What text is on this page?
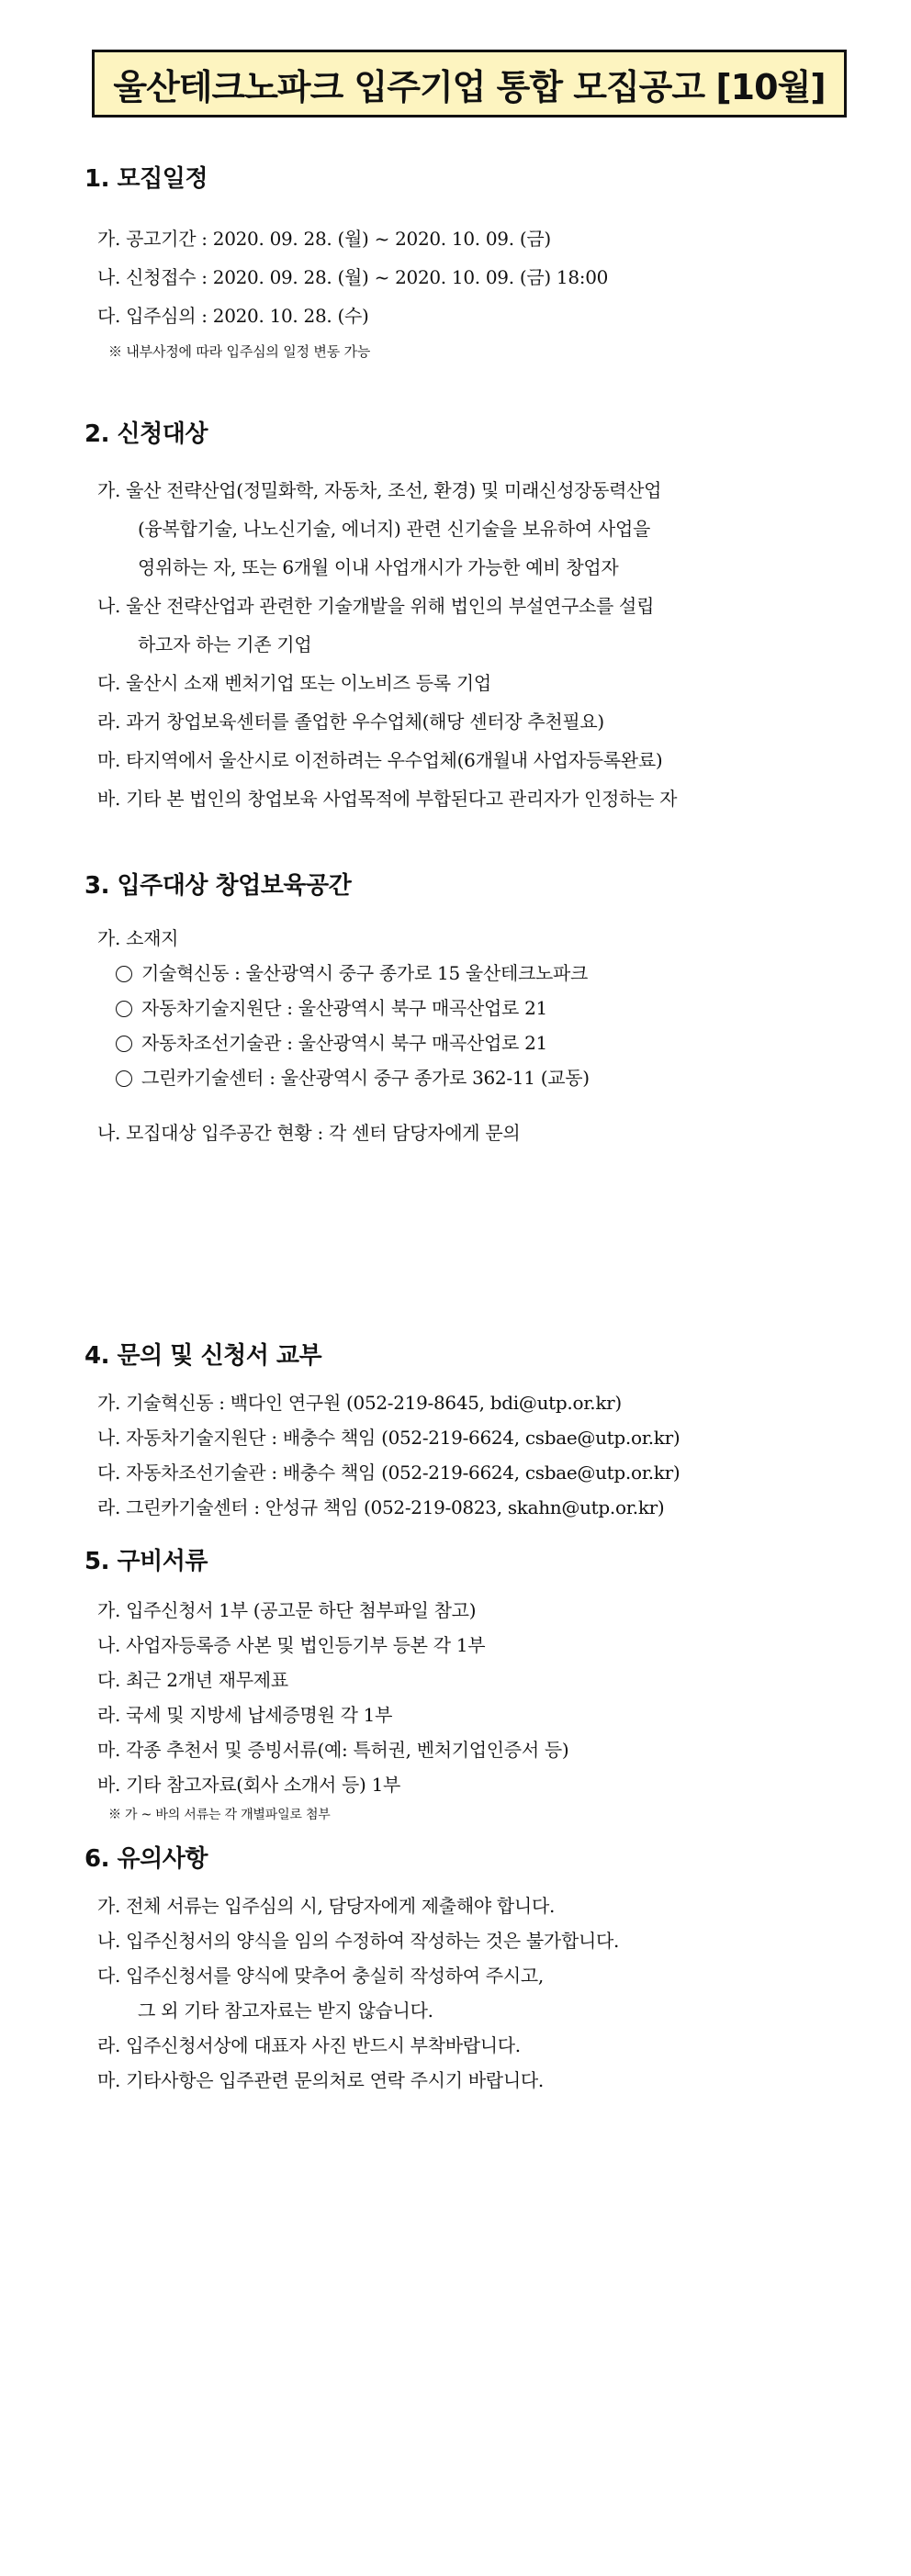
울산테크노파크 입주기업 통합 모집공고 [10월]
1. 모집일정
가. 공고기간 : 2020. 09. 28. (월) ~ 2020. 10. 09. (금)
나. 신청접수 : 2020. 09. 28. (월) ~ 2020. 10. 09. (금) 18:00
다. 입주심의 : 2020. 10. 28. (수)
※ 내부사정에 따라 입주심의 일정 변동 가능
2. 신청대상
가. 울산 전략산업(정밀화학, 자동차, 조선, 환경) 및 미래신성장동력산업
(융복합기술, 나노신기술, 에너지) 관련 신기술을 보유하여 사업을
영위하는 자, 또는 6개월 이내 사업개시가 가능한 예비 창업자
나. 울산 전략산업과 관련한 기술개발을 위해 법인의 부설연구소를 설립
하고자 하는 기존 기업
다. 울산시 소재 벤처기업 또는 이노비즈 등록 기업
라. 과거 창업보육센터를 졸업한 우수업체(해당 센터장 추천필요)
마. 타지역에서 울산시로 이전하려는 우수업체(6개월내 사업자등록완료)
바. 기타 본 법인의 창업보육 사업목적에 부합된다고 관리자가 인정하는 자
3. 입주대상 창업보육공간
가. 소재지
기술혁신동 : 울산광역시 중구 종가로 15 울산테크노파크
자동차기술지원단 : 울산광역시 북구 매곡산업로 21
자동차조선기술관 : 울산광역시 북구 매곡산업로 21
그린카기술센터 : 울산광역시 중구 종가로 362-11 (교동)
나. 모집대상 입주공간 현황 : 각 센터 담당자에게 문의
4. 문의 및 신청서 교부
가. 기술혁신동 : 백다인 연구원 (052-219-8645, bdi@utp.or.kr)
나. 자동차기술지원단 : 배충수 책임 (052-219-6624, csbae@utp.or.kr)
다. 자동차조선기술관 : 배충수 책임 (052-219-6624, csbae@utp.or.kr)
라. 그린카기술센터 : 안성규 책임 (052-219-0823, skahn@utp.or.kr)
5. 구비서류
가. 입주신청서 1부 (공고문 하단 첨부파일 참고)
나. 사업자등록증 사본 및 법인등기부 등본 각 1부
다. 최근 2개년 재무제표
라. 국세 및 지방세 납세증명원 각 1부
마. 각종 추천서 및 증빙서류(예: 특허권, 벤처기업인증서 등)
바. 기타 참고자료(회사 소개서 등) 1부
※ 가 ~ 바의 서류는 각 개별파일로 첨부
6. 유의사항
가. 전체 서류는 입주심의 시, 담당자에게 제출해야 합니다.
나. 입주신청서의 양식을 임의 수정하여 작성하는 것은 불가합니다.
다. 입주신청서를 양식에 맞추어 충실히 작성하여 주시고,
그 외 기타 참고자료는 받지 않습니다.
라. 입주신청서상에 대표자 사진 반드시 부착바랍니다.
마. 기타사항은 입주관련 문의처로 연락 주시기 바랍니다.
